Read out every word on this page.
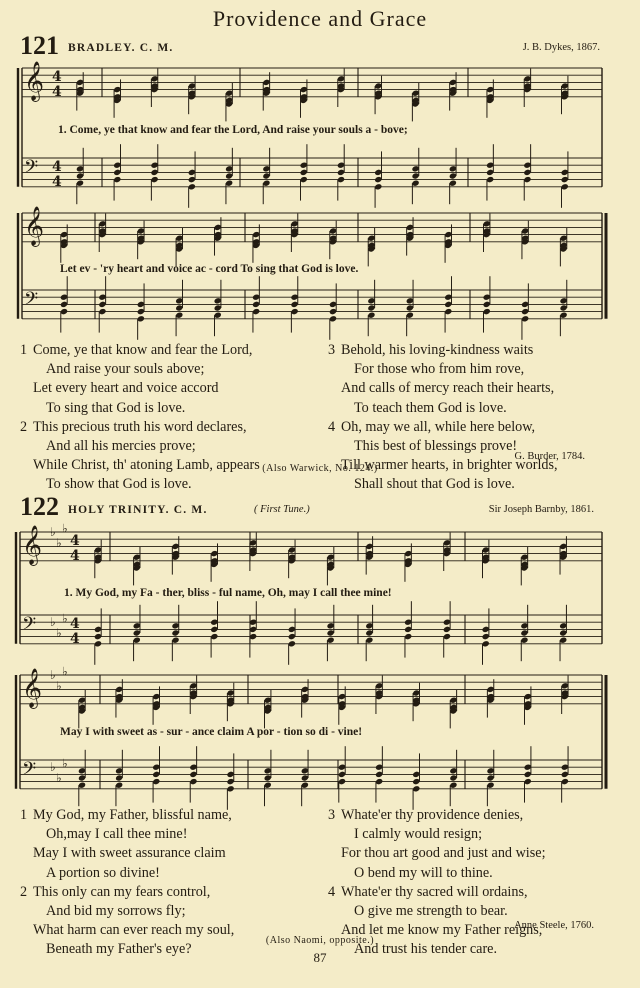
Providence and Grace
121 BRADLEY. C. M.	J. B. Dykes, 1867.
𝄞
𝄢
4
4
4
4
𝄞
𝄢
𝄞
𝄢
♭
♭
♭
♭
♭
♭
4
4
4
4
𝄞
𝄢
♭
♭
♭
♭
♭
♭
1. Come, ye that know and fear the Lord, And raise your souls a - bove;
Let ev - 'ry heart and voice ac - cord To sing that God is love.
1 Come, ye that know and fear the Lord,
And raise your souls above;
Let every heart and voice accord
To sing that God is love.
2 This precious truth his word declares,
And all his mercies prove;
While Christ, th' atoning Lamb, appears
To show that God is love.
3 Behold, his loving-kindness waits
For those who from him rove,
And calls of mercy reach their hearts,
To teach them God is love.
4 Oh, may we all, while here below,
This best of blessings prove!
Till warmer hearts, in brighter worlds,
Shall shout that God is love.
G. Burder, 1784.
(Also Warwick, No. 124.)
122 HOLY TRINITY. C. M.	( First Tune.)	Sir Joseph Barnby, 1861.
1. My God, my Fa - ther, bliss - ful name, Oh, may I call thee mine!
May I with sweet as - sur - ance claim A por - tion so di - vine!
1 My God, my Father, blissful name,
Oh,may I call thee mine!
May I with sweet assurance claim
A portion so divine!
2 This only can my fears control,
And bid my sorrows fly;
What harm can ever reach my soul,
Beneath my Father's eye?
3 Whate'er thy providence denies,
I calmly would resign;
For thou art good and just and wise;
O bend my will to thine.
4 Whate'er thy sacred will ordains,
O give me strength to bear.
And let me know my Father reigns,
And trust his tender care.
Anne Steele, 1760.
(Also Naomi, opposite.)
87
